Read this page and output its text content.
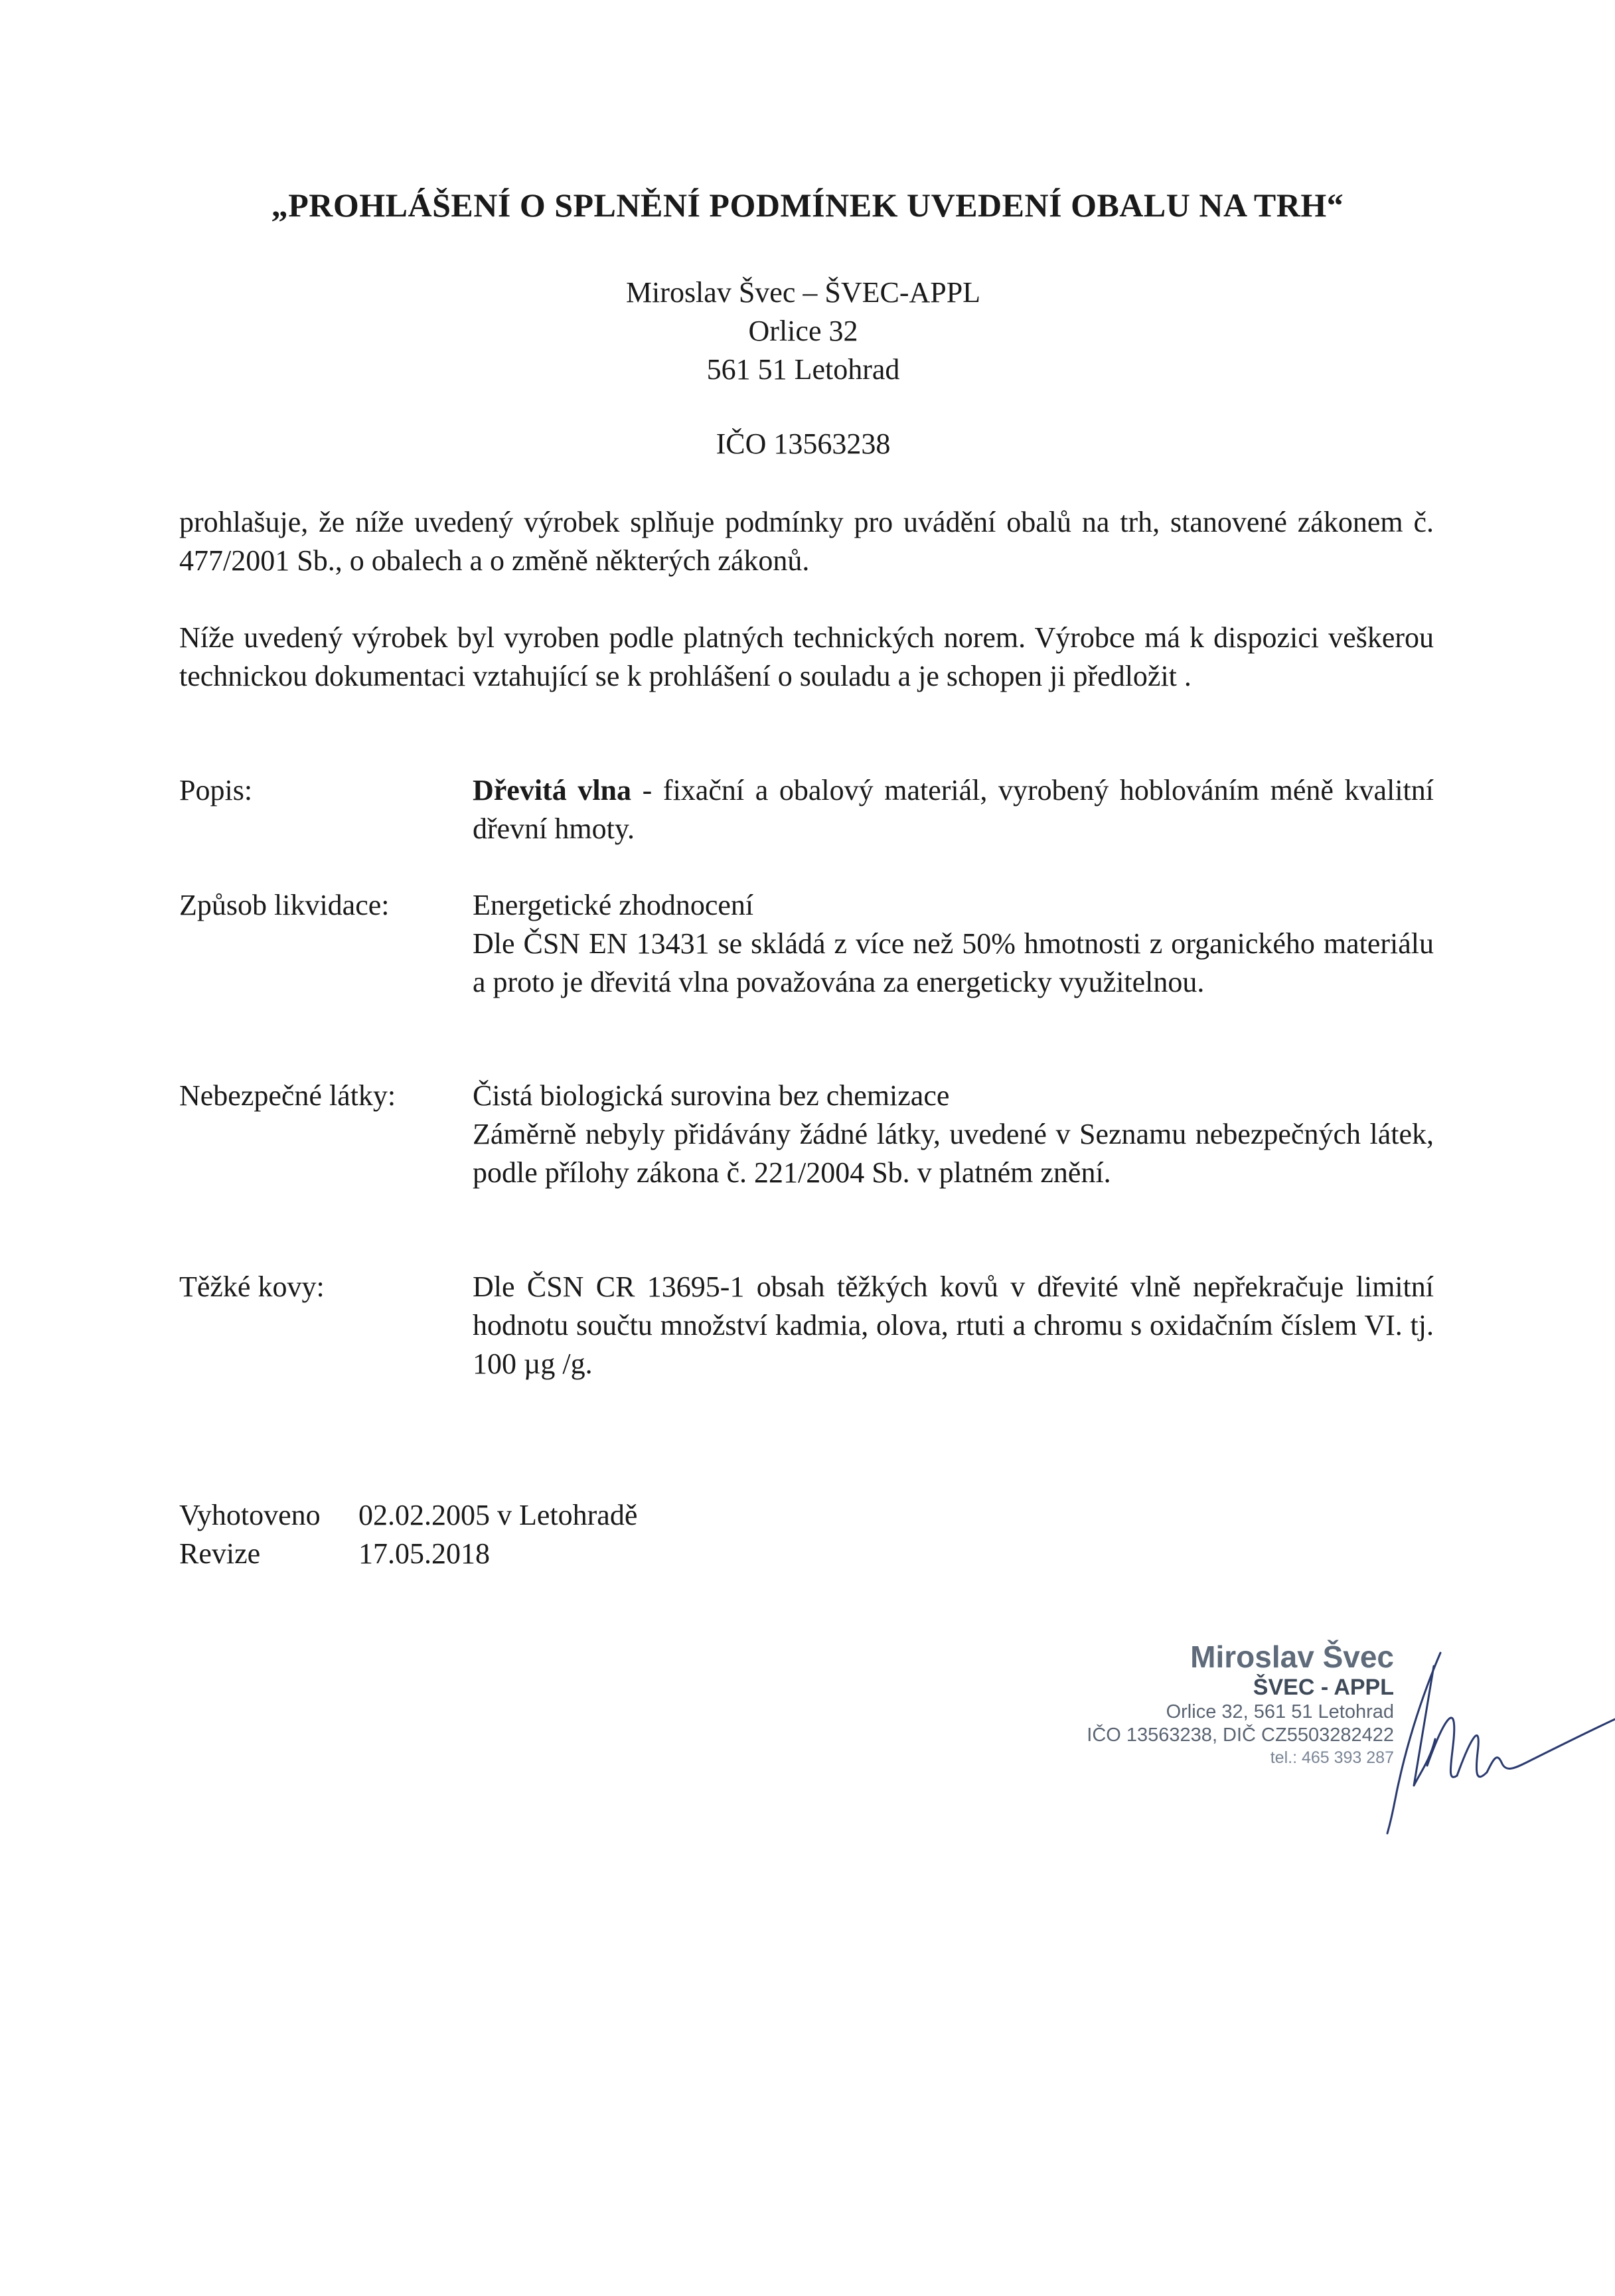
„PROHLÁŠENÍ O SPLNĚNÍ PODMÍNEK UVEDENÍ OBALU NA TRH“
Miroslav Švec – ŠVEC-APPL
Orlice 32
561 51 Letohrad
IČO 13563238
prohlašuje, že níže uvedený výrobek splňuje podmínky pro uvádění obalů na trh, stanovené zákonem č. 477/2001 Sb., o obalech a o změně některých zákonů.
Níže uvedený výrobek byl vyroben podle platných technických norem. Výrobce má k dispozici veškerou technickou dokumentaci vztahující se k prohlášení o souladu a je schopen ji předložit .
Popis:	Dřevitá vlna - fixační a obalový materiál, vyrobený hoblováním méně kvalitní dřevní hmoty.
Způsob likvidace:	Energetické zhodnocení
Dle ČSN EN 13431 se skládá z více než 50% hmotnosti z organického materiálu a proto je dřevitá vlna považována za energeticky využitelnou.
Nebezpečné látky:	Čistá biologická surovina bez chemizace
Záměrně nebyly přidávány žádné látky, uvedené v Seznamu nebezpečných látek, podle přílohy zákona č. 221/2004 Sb. v platném znění.
Těžké kovy:	Dle ČSN CR 13695-1 obsah těžkých kovů v dřevité vlně nepřekračuje limitní hodnotu součtu množství kadmia, olova, rtuti a chromu s oxidačním číslem VI. tj. 100 µg /g.
Vyhotoveno 02.02.2005 v Letohradě
Revize	17.05.2018
Miroslav Švec
ŠVEC - APPL
Orlice 32, 561 51 Letohrad
IČO 13563238, DIČ CZ5503282422
tel.: 465 393 287
